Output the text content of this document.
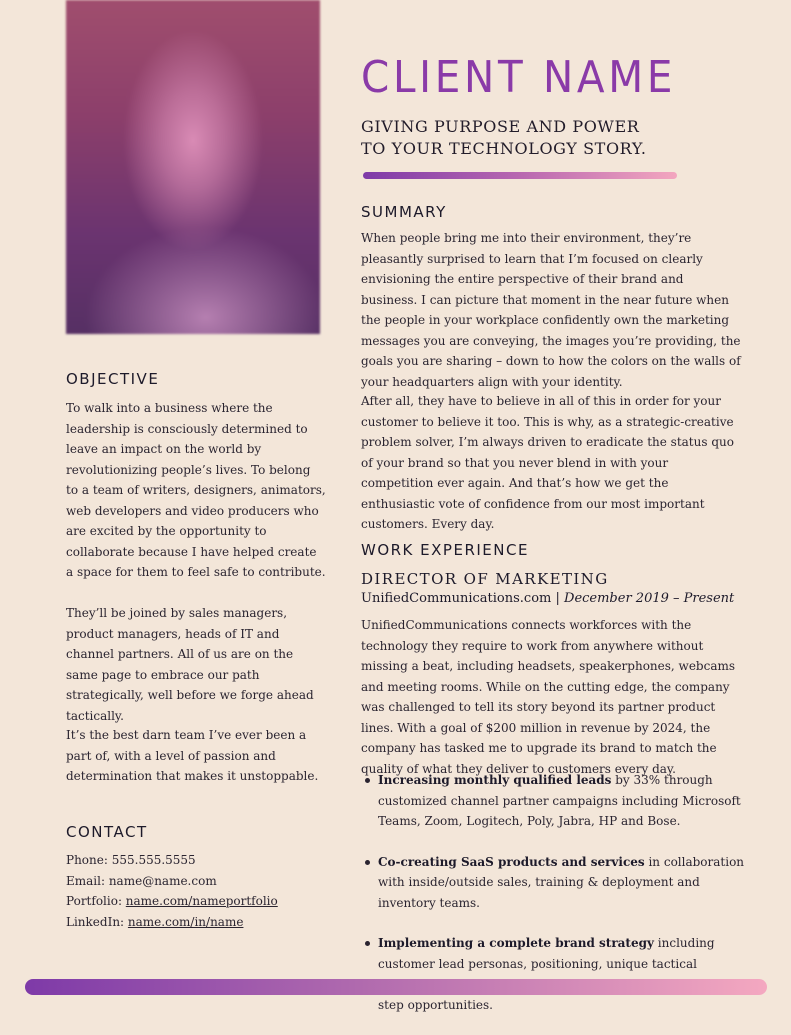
CLIENT NAME

GIVING PURPOSE AND POWER
TO YOUR TECHNOLOGY STORY.

SUMMARY

When people bring me into their environment, they’re pleasantly surprised to learn that I’m focused on clearly envisioning the entire perspective of their brand and business. I can picture that moment in the near future when the people in your workplace confidently own the marketing messages you are conveying, the images you’re providing, the goals you are sharing – down to how the colors on the walls of your headquarters align with your identity.

After all, they have to believe in all of this in order for your customer to believe it too. This is why, as a strategic-creative problem solver, I’m always driven to eradicate the status quo of your brand so that you never blend in with your competition ever again. And that’s how we get the enthusiastic vote of confidence from our most important customers. Every day.

WORK EXPERIENCE
DIRECTOR OF MARKETING

UnifiedCommunications.com | December 2019 – Present

UnifiedCommunications connects workforces with the technology they require to work from anywhere without missing a beat, including headsets, speakerphones, webcams and meeting rooms. While on the cutting edge, the company was challenged to tell its story beyond its partner product lines. With a goal of $200 million in revenue by 2024, the company has tasked me to upgrade its brand to match the quality of what they deliver to customers every day.

Increasing monthly qualified leads by 33% through customized channel partner campaigns including Microsoft Teams, Zoom, Logitech, Poly, Jabra, HP and Bose.
Co-creating SaaS products and services in collaboration with inside/outside sales, training & deployment and inventory teams.
Implementing a complete brand strategy including customer lead personas, positioning, unique tactical step opportunities.
OBJECTIVE

To walk into a business where the leadership is consciously determined to leave an impact on the world by revolutionizing people’s lives. To belong to a team of writers, designers, animators, web developers and video producers who are excited by the opportunity to collaborate because I have helped create a space for them to feel safe to contribute.

They’ll be joined by sales managers, product managers, heads of IT and channel partners. All of us are on the same page to embrace our path strategically, well before we forge ahead tactically.

It’s the best darn team I’ve ever been a part of, with a level of passion and determination that makes it unstoppable.

CONTACT
Phone: 555.555.5555
Email: name@name.com
Portfolio: name.com/nameportfolio
LinkedIn: name.com/in/name
